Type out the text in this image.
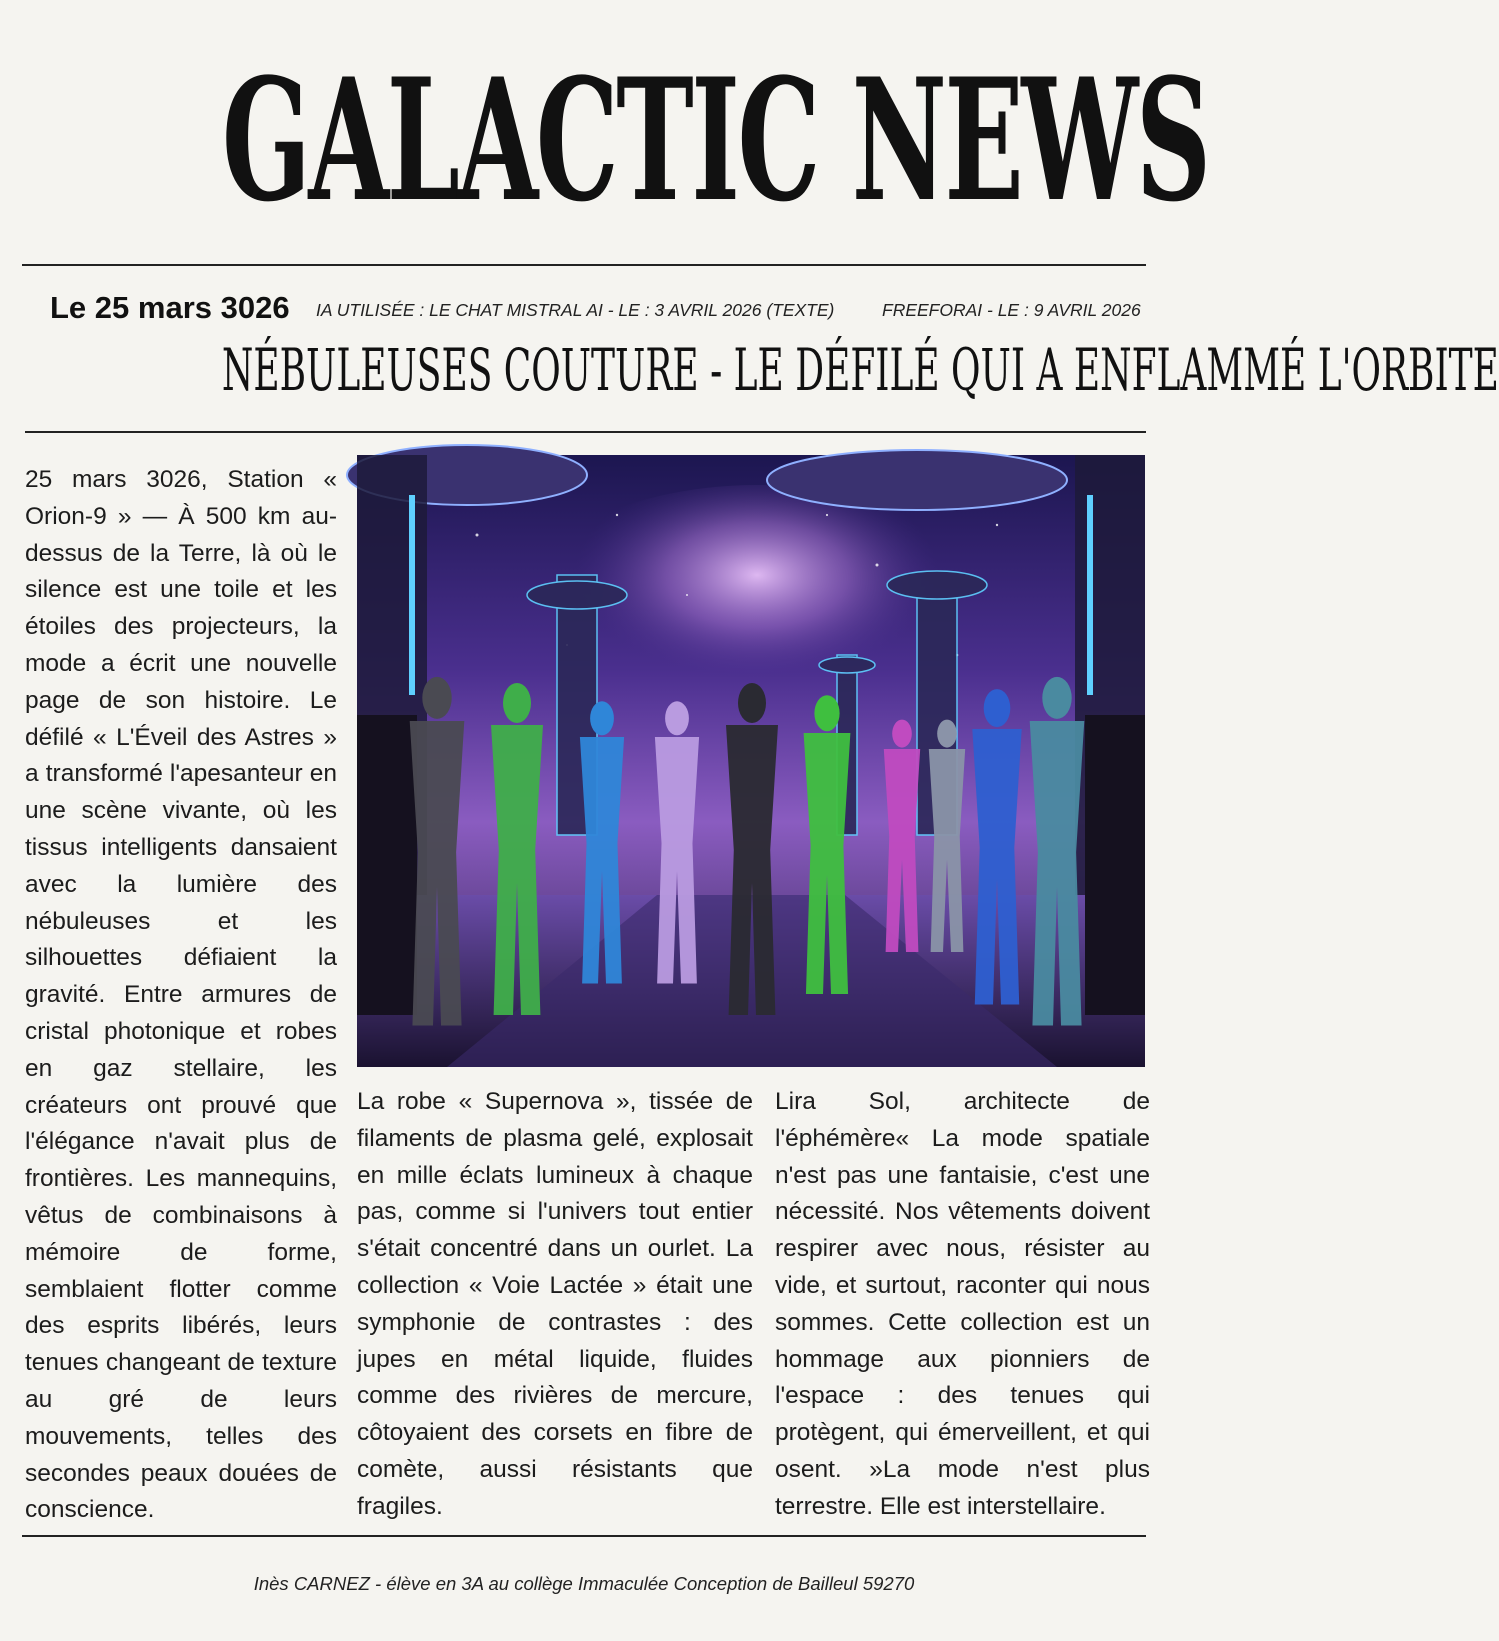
GALACTIC NEWS
Le 25 mars 3026 IA UTILISÉE : LE CHAT MISTRAL AI - LE : 3 AVRIL 2026 (TEXTE)	FREEFORAI - LE : 9 AVRIL 2026
NÉBULEUSES COUTURE - LE DÉFILÉ QUI A ENFLAMMÉ L'ORBITE
25 mars 3026, Station « Orion-9 » — À 500 km au-dessus de la Terre, là où le silence est une toile et les étoiles des projecteurs, la mode a écrit une nouvelle page de son histoire. Le défilé « L'Éveil des Astres » a transformé l'apesanteur en une scène vivante, où les tissus intelligents dansaient avec la lumière des nébuleuses et les silhouettes défiaient la gravité. Entre armures de cristal photonique et robes en gaz stellaire, les créateurs ont prouvé que l'élégance n'avait plus de frontières. Les mannequins, vêtus de combinaisons à mémoire de forme, semblaient flotter comme des esprits libérés, leurs tenues changeant de texture au gré de leurs mouvements, telles des secondes peaux douées de conscience.
La robe « Supernova », tissée de filaments de plasma gelé, explosait en mille éclats lumineux à chaque pas, comme si l'univers tout entier s'était concentré dans un ourlet. La collection « Voie Lactée » était une symphonie de contrastes : des jupes en métal liquide, fluides comme des rivières de mercure, côtoyaient des corsets en fibre de comète, aussi résistants que fragiles.
Lira Sol, architecte de l'éphémère« La mode spatiale n'est pas une fantaisie, c'est une nécessité. Nos vêtements doivent respirer avec nous, résister au vide, et surtout, raconter qui nous sommes. Cette collection est un hommage aux pionniers de l'espace : des tenues qui protègent, qui émerveillent, et qui osent. »La mode n'est plus terrestre. Elle est interstellaire.
Inès CARNEZ - élève en 3A au collège Immaculée Conception de Bailleul 59270
